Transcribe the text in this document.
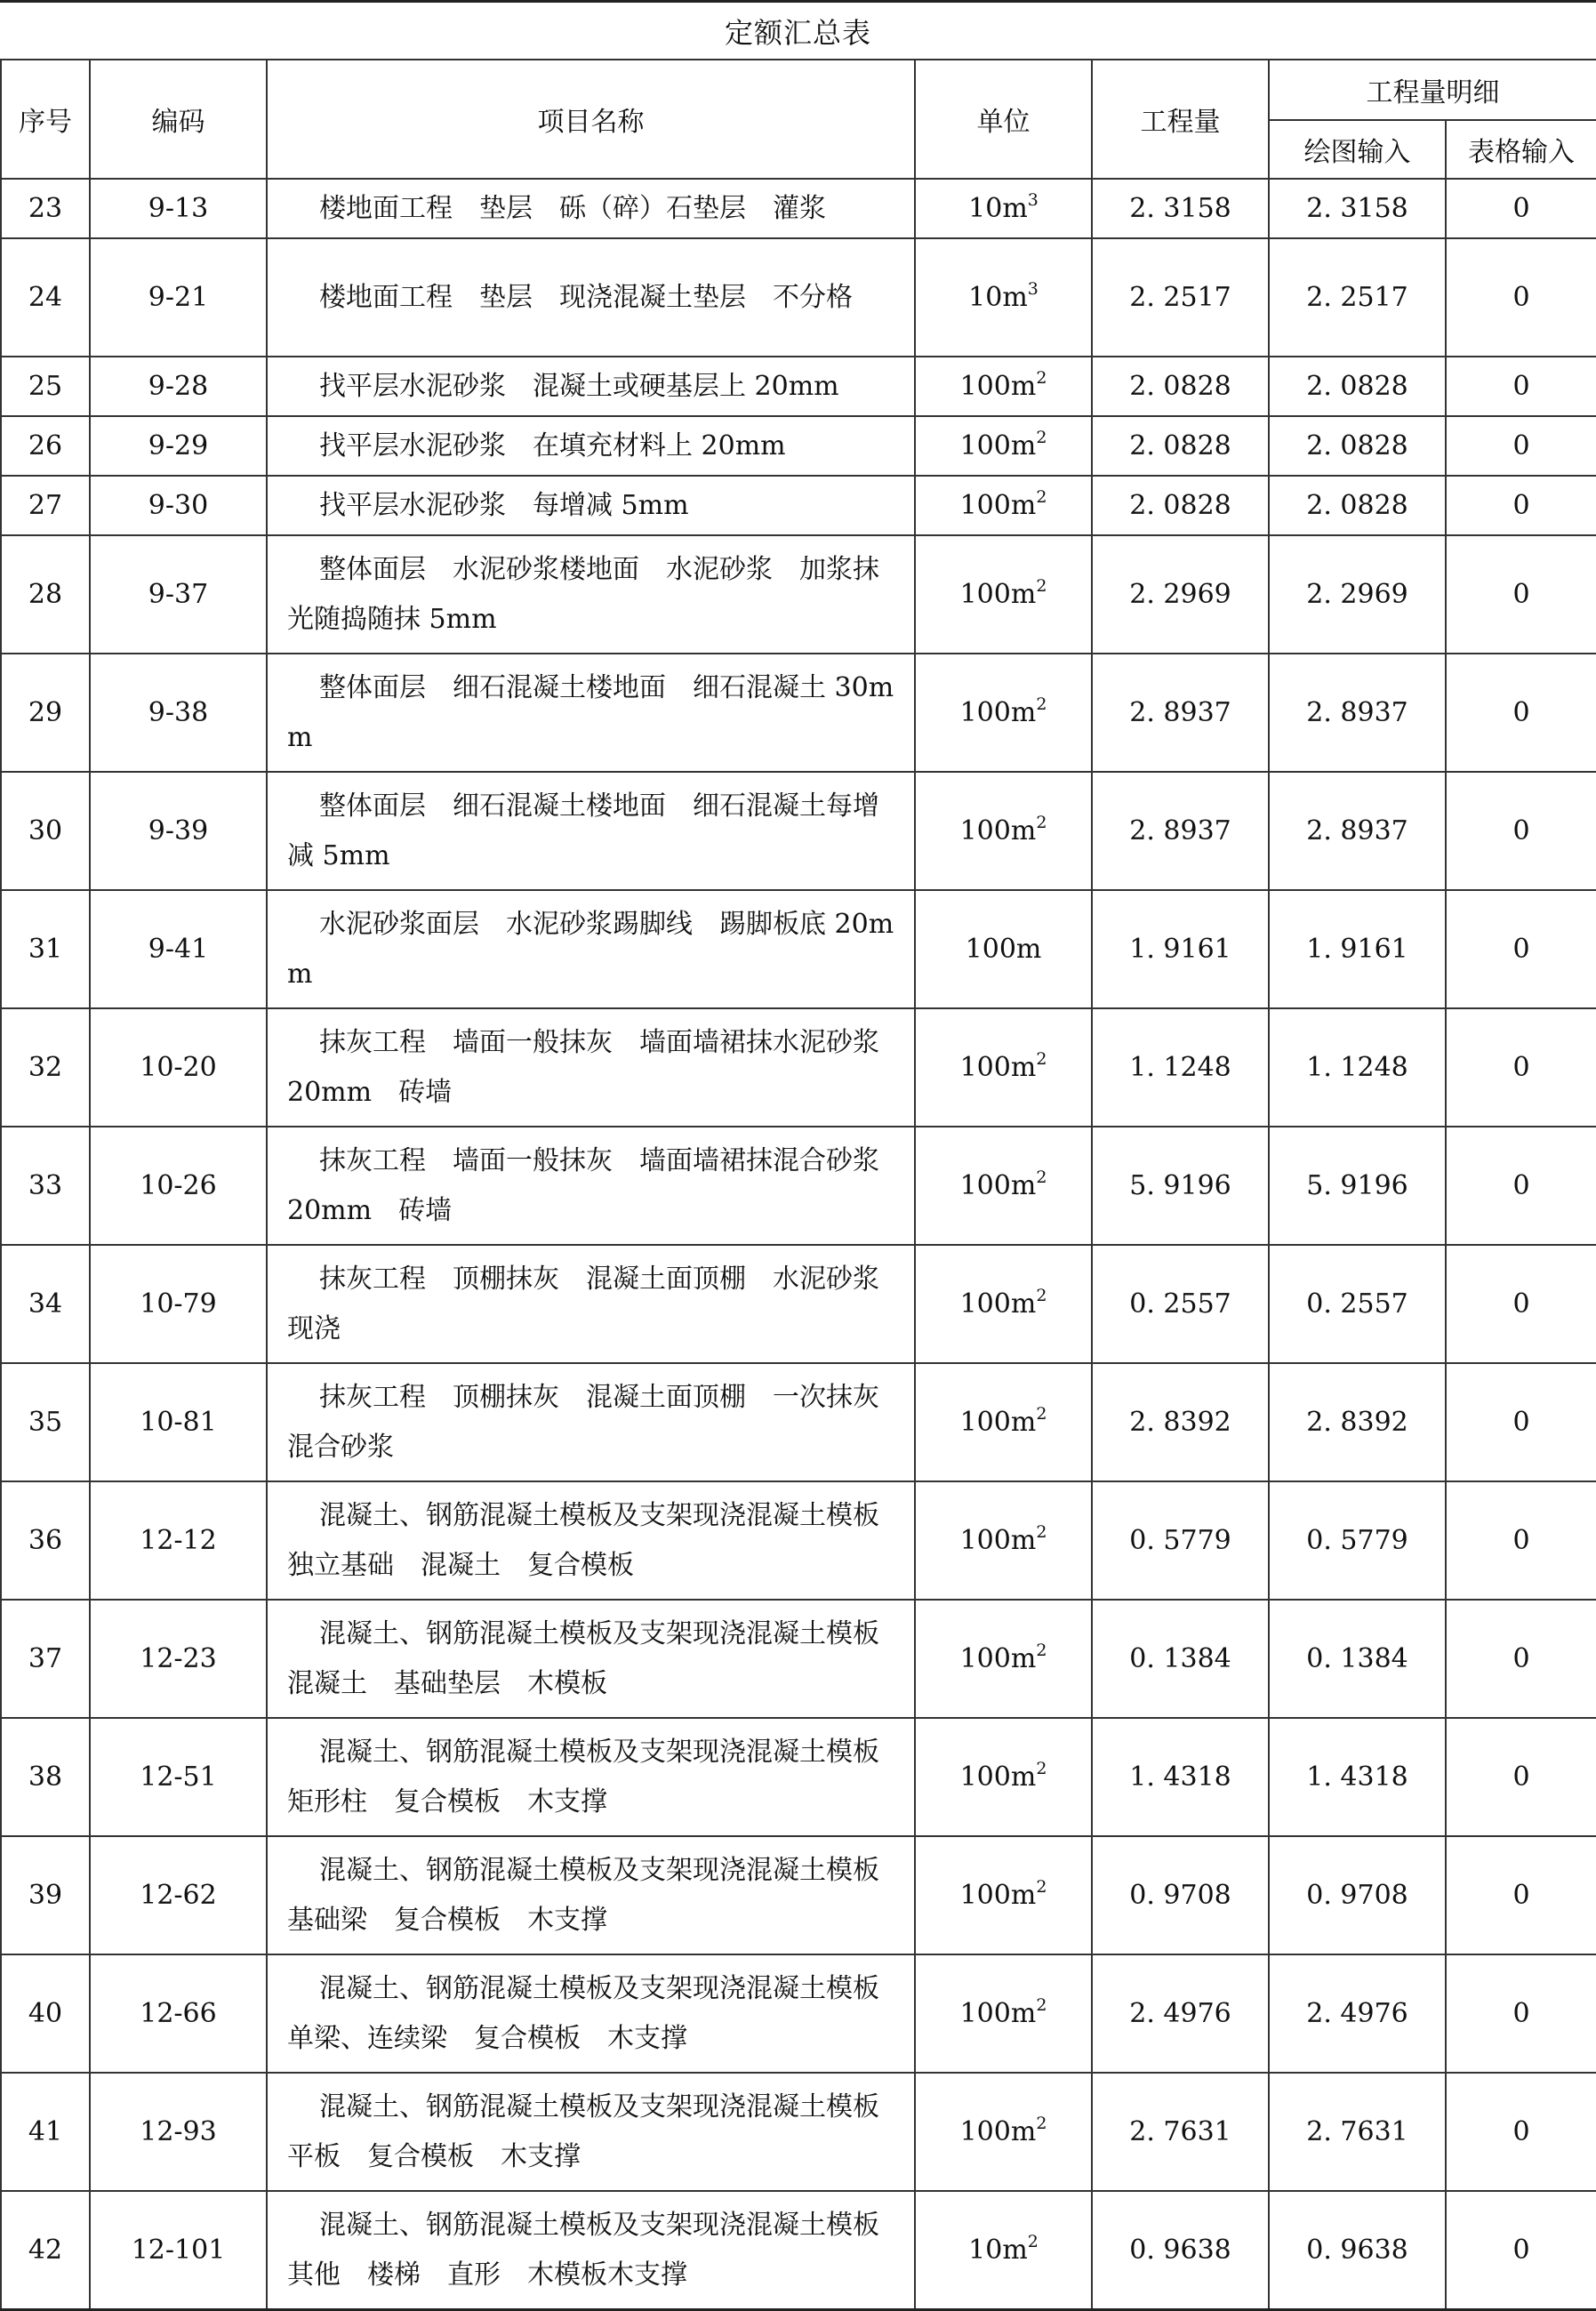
定额汇总表
序号	编码	项目名称	单位	工程量	工程量明细	
					绘图输入	表格输入
23	9-13	楼地面工程　垫层　砾（碎）石垫层　灌浆	$10m^3$	2. 3158	2. 3158	0
24	9-21	楼地面工程　垫层　现浇混凝土垫层　不分格	$10m^3$	2. 2517	2. 2517	0
25	9-28	找平层水泥砂浆　混凝土或硬基层上 20mm	$100m^2$	2. 0828	2. 0828	0
26	9-29	找平层水泥砂浆　在填充材料上 20mm	$100m^2$	2. 0828	2. 0828	0
27	9-30	找平层水泥砂浆　每增减 5mm	$100m^2$	2. 0828	2. 0828	0
28	9-37	整体面层　水泥砂浆楼地面　水泥砂浆　加浆抹光随捣随抹 5mm	$100m^2$	2. 2969	2. 2969	0
29	9-38	整体面层　细石混凝土楼地面　细石混凝土 30mm	$100m^2$	2. 8937	2. 8937	0
30	9-39	整体面层　细石混凝土楼地面　细石混凝土每增减 5mm	$100m^2$	2. 8937	2. 8937	0
31	9-41	水泥砂浆面层　水泥砂浆踢脚线　踢脚板底 20mm	100m	1. 9161	1. 9161	0
32	10-20	抹灰工程　墙面一般抹灰　墙面墙裙抹水泥砂浆　20mm　砖墙	$100m^2$	1. 1248	1. 1248	0
33	10-26	抹灰工程　墙面一般抹灰　墙面墙裙抹混合砂浆　20mm　砖墙	$100m^2$	5. 9196	5. 9196	0
34	10-79	抹灰工程　顶棚抹灰　混凝土面顶棚　水泥砂浆　现浇	$100m^2$	0. 2557	0. 2557	0
35	10-81	抹灰工程　顶棚抹灰　混凝土面顶棚　一次抹灰　混合砂浆	$100m^2$	2. 8392	2. 8392	0
36	12-12	混凝土、钢筋混凝土模板及支架现浇混凝土模板　独立基础　混凝土　复合模板	$100m^2$	0. 5779	0. 5779	0
37	12-23	混凝土、钢筋混凝土模板及支架现浇混凝土模板　混凝土　基础垫层　木模板	$100m^2$	0. 1384	0. 1384	0
38	12-51	混凝土、钢筋混凝土模板及支架现浇混凝土模板矩形柱　复合模板　木支撑	$100m^2$	1. 4318	1. 4318	0
39	12-62	混凝土、钢筋混凝土模板及支架现浇混凝土模板基础梁　复合模板　木支撑	$100m^2$	0. 9708	0. 9708	0
40	12-66	混凝土、钢筋混凝土模板及支架现浇混凝土模板单梁、连续梁　复合模板　木支撑	$100m^2$	2. 4976	2. 4976	0
41	12-93	混凝土、钢筋混凝土模板及支架现浇混凝土模板　平板　复合模板　木支撑	$100m^2$	2. 7631	2. 7631	0
42	12-101	混凝土、钢筋混凝土模板及支架现浇混凝土模板　其他　楼梯　直形　木模板木支撑	$10m^2$	0. 9638	0. 9638	0
